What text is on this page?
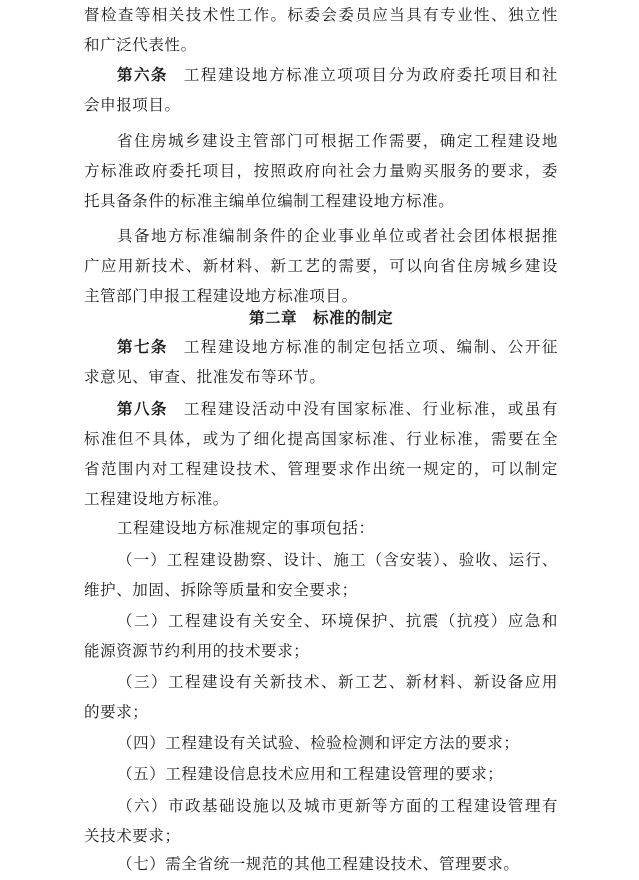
督检查等相关技术性工作。标委会委员应当具有专业性、独立性
和广泛代表性。
第六条 工程建设地方标准立项项目分为政府委托项目和社
会申报项目。
省住房城乡建设主管部门可根据工作需要，确定工程建设地
方标准政府委托项目，按照政府向社会力量购买服务的要求，委
托具备条件的标准主编单位编制工程建设地方标准。
具备地方标准编制条件的企业事业单位或者社会团体根据推
广应用新技术、新材料、新工艺的需要，可以向省住房城乡建设
主管部门申报工程建设地方标准项目。
第二章　标准的制定
第七条 工程建设地方标准的制定包括立项、编制、公开征
求意见、审查、批准发布等环节。
第八条 工程建设活动中没有国家标准、行业标准，或虽有
标准但不具体，或为了细化提高国家标准、行业标准，需要在全
省范围内对工程建设技术、管理要求作出统一规定的，可以制定
工程建设地方标准。
工程建设地方标准规定的事项包括：
（一）工程建设勘察、设计、施工（含安装）、验收、运行、
维护、加固、拆除等质量和安全要求；
（二）工程建设有关安全、环境保护、抗震（抗疫）应急和
能源资源节约利用的技术要求；
（三）工程建设有关新技术、新工艺、新材料、新设备应用
的要求；
（四）工程建设有关试验、检验检测和评定方法的要求；
（五）工程建设信息技术应用和工程建设管理的要求；
（六）市政基础设施以及城市更新等方面的工程建设管理有
关技术要求；
（七）需全省统一规范的其他工程建设技术、管理要求。
